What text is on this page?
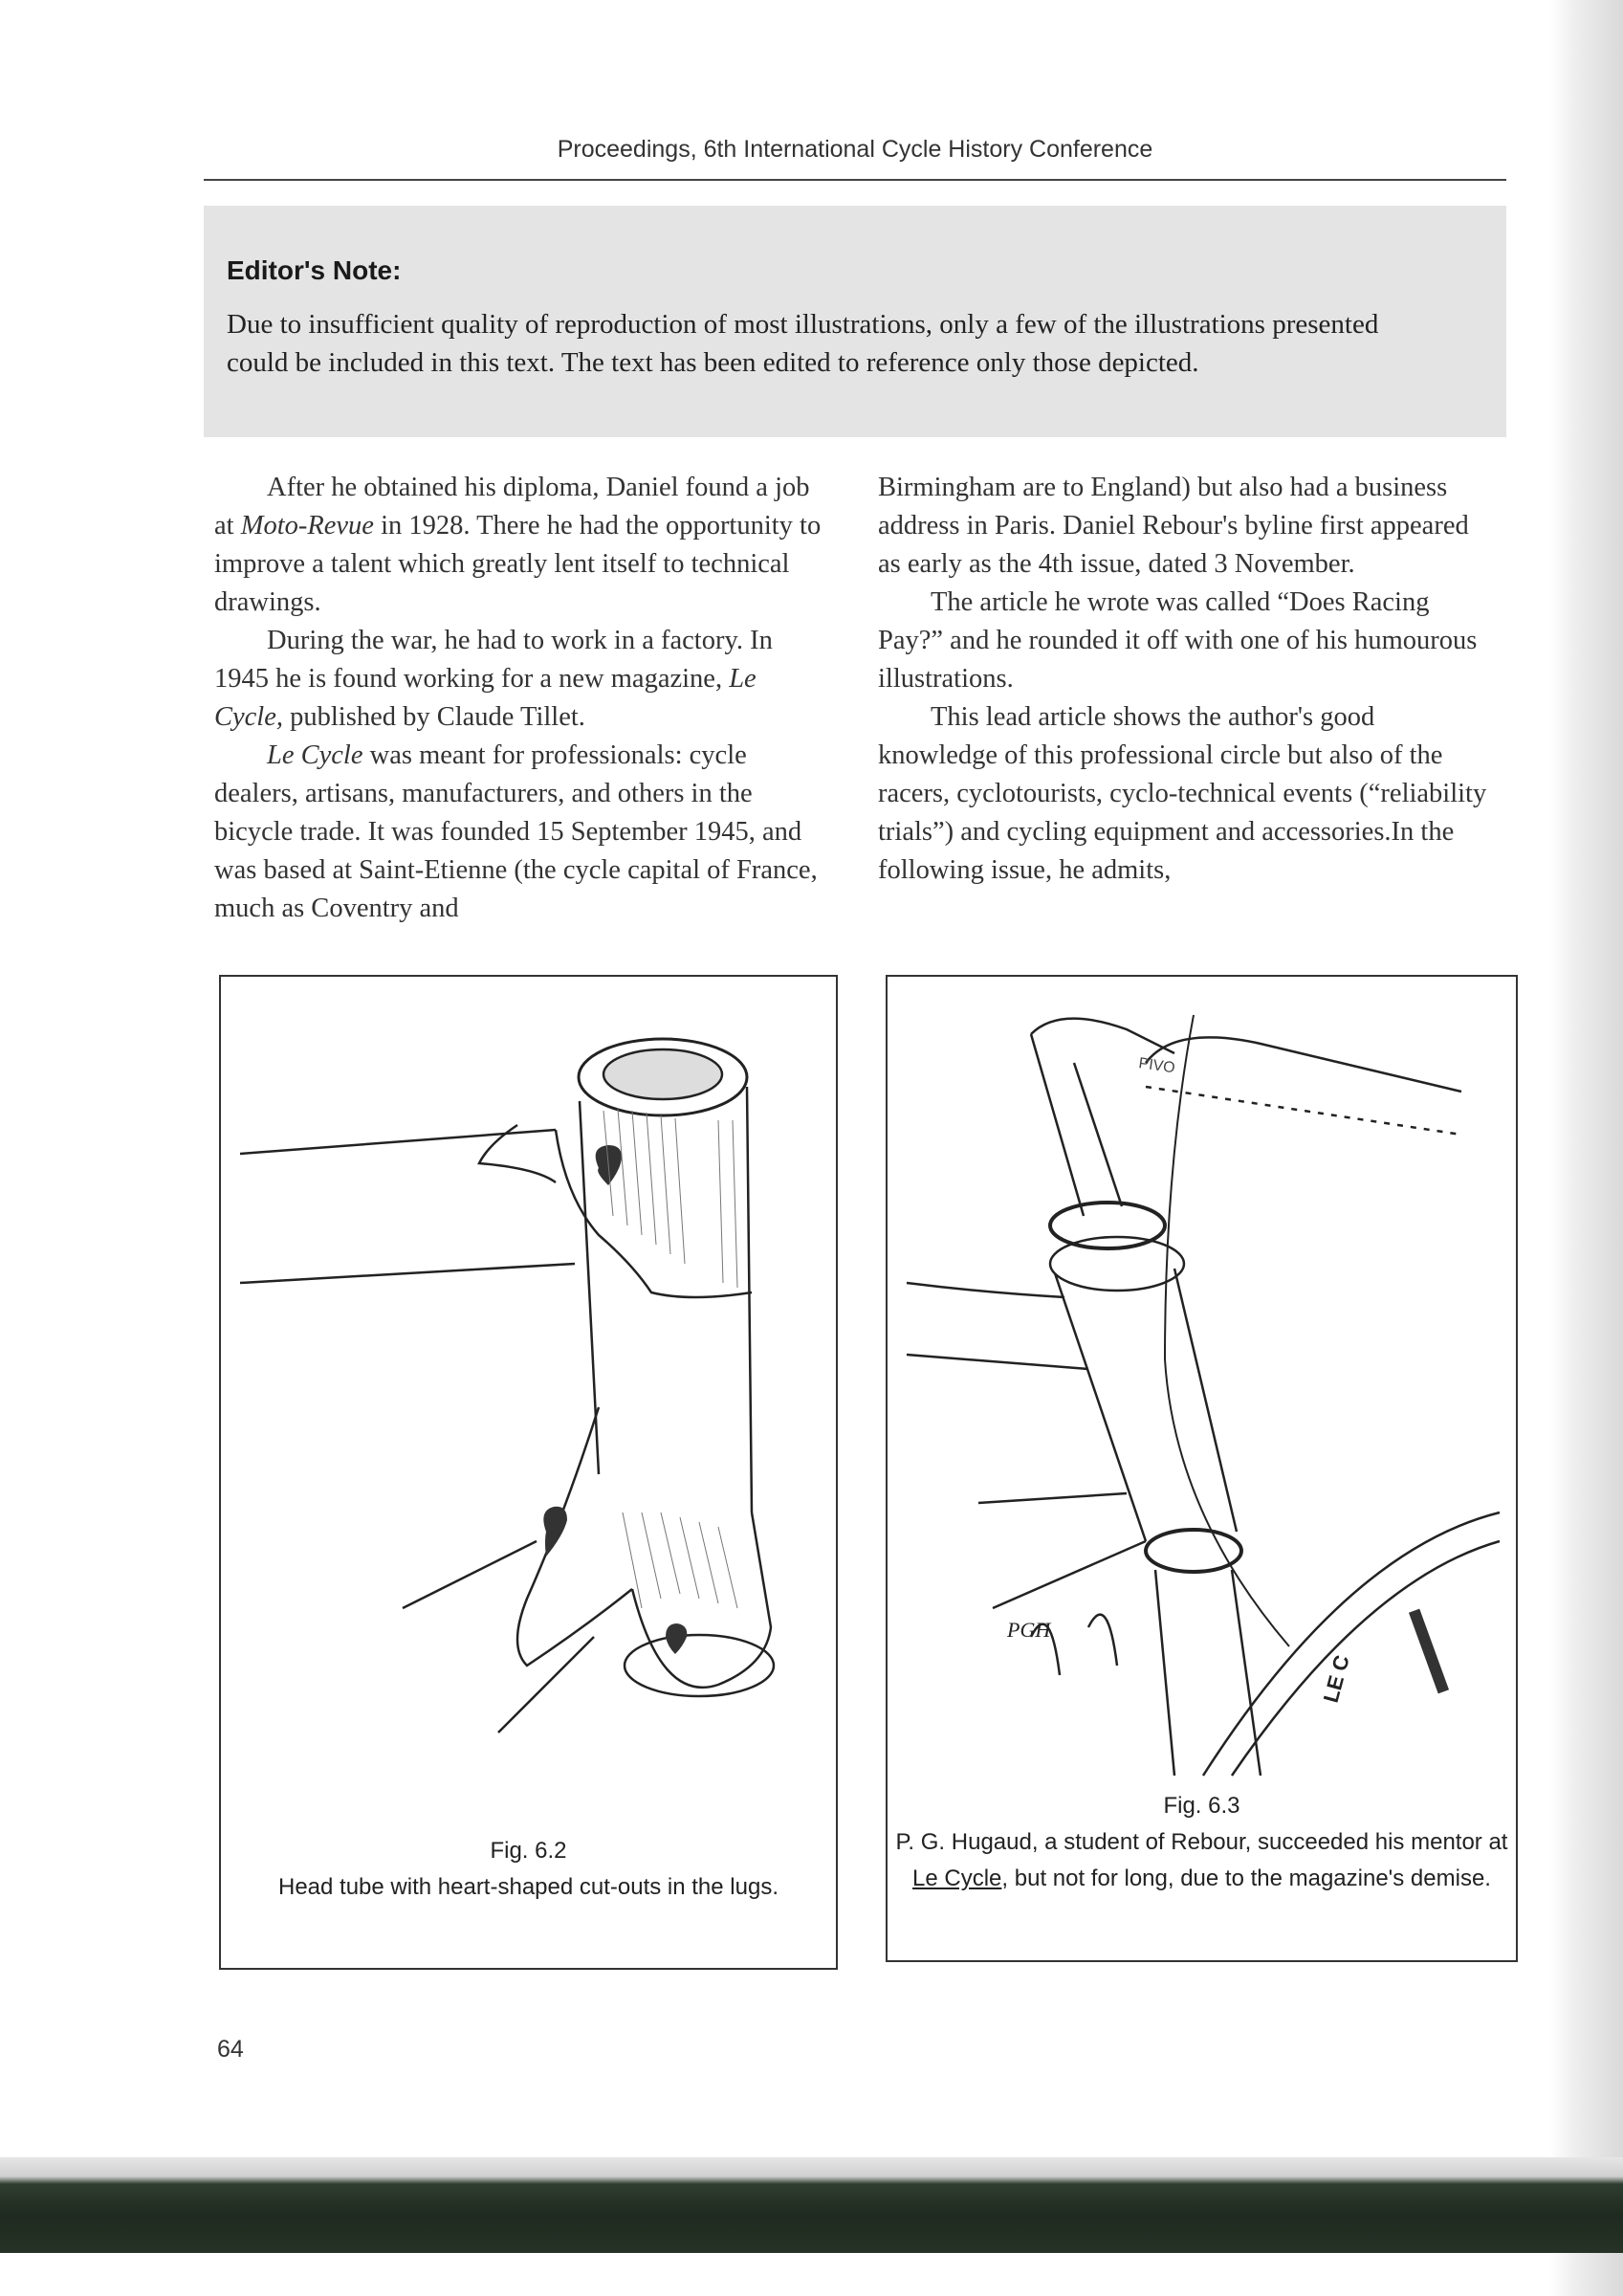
Proceedings, 6th International Cycle History Conference
Editor's Note:
Due to insufficient quality of reproduction of most illustrations, only a few of the illustrations presented could be included in this text. The text has been edited to reference only those depicted.

After he obtained his diploma, Daniel found a job at Moto-Revue in 1928. There he had the opportunity to improve a talent which greatly lent itself to technical drawings.

During the war, he had to work in a factory. In 1945 he is found working for a new magazine, Le Cycle, published by Claude Tillet.

Le Cycle was meant for professionals: cycle dealers, artisans, manufacturers, and others in the bicycle trade. It was founded 15 September 1945, and was based at Saint-Etienne (the cycle capital of France, much as Coventry and

Birmingham are to England) but also had a business address in Paris. Daniel Rebour's byline first appeared as early as the 4th issue, dated 3 November.

The article he wrote was called “Does Racing Pay?” and he rounded it off with one of his humourous illustrations.

This lead article shows the author's good knowledge of this professional circle but also of the racers, cyclotourists, cyclo-technical events (“reliability trials”) and cycling equipment and accessories.In the following issue, he admits,

Fig. 6.2
Head tube with heart-shaped cut-outs in the lugs.
PIVO
PGH
LE C
Fig. 6.3
P. G. Hugaud, a student of Rebour, succeeded his mentor at Le Cycle, but not for long, due to the magazine's demise.
64
